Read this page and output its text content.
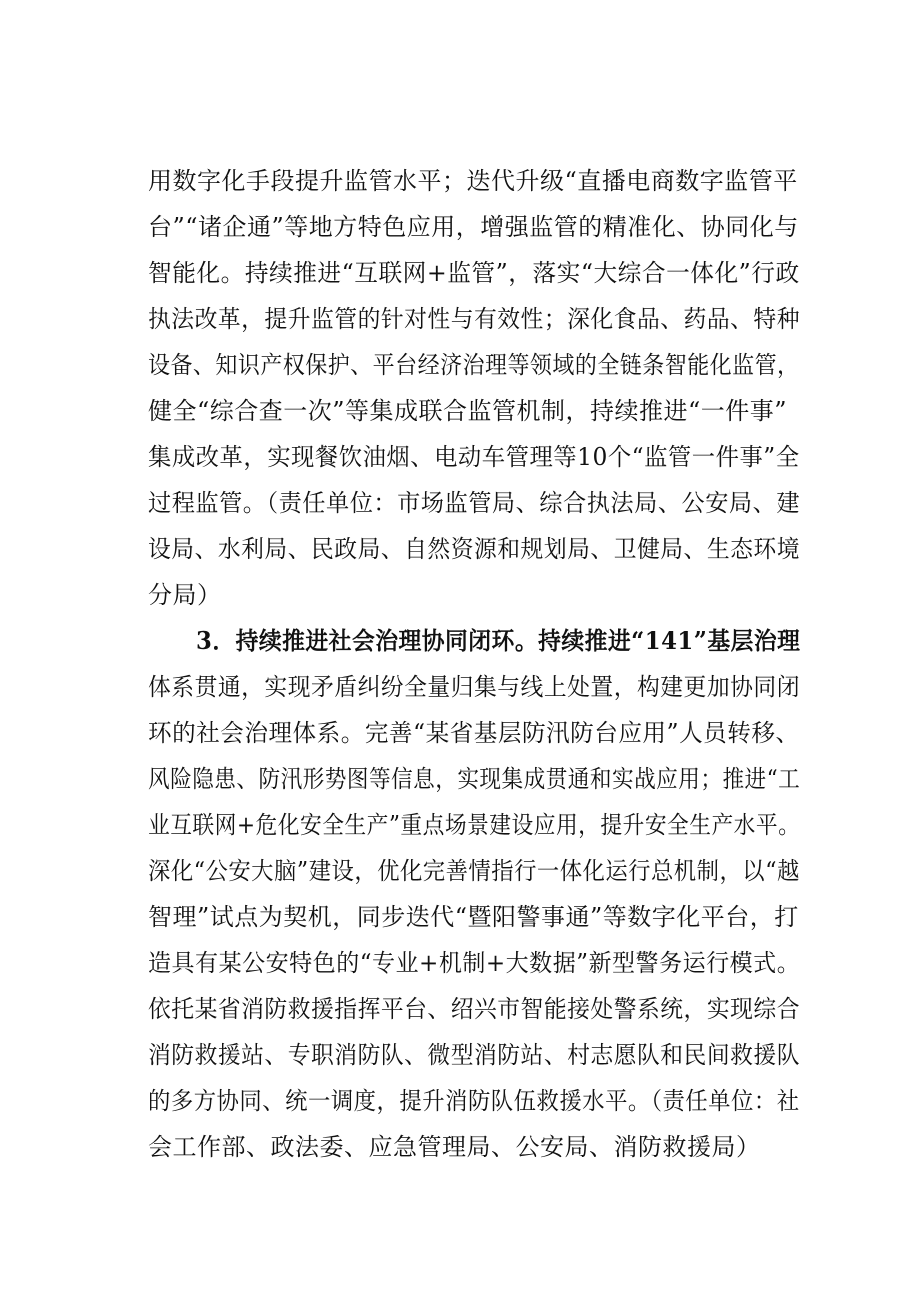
用数字化手段提升监管水平；迭代升级“直播电商数字监管平
台”“诸企通”等地方特色应用，增强监管的精准化、协同化与
智能化。持续推进“互联网+监管”，落实“大综合一体化”行政
执法改革，提升监管的针对性与有效性；深化食品、药品、特种
设备、知识产权保护、平台经济治理等领域的全链条智能化监管，
健全“综合查一次”等集成联合监管机制，持续推进“一件事”
集成改革，实现餐饮油烟、电动车管理等10个“监管一件事”全
过程监管。（责任单位：市场监管局、综合执法局、公安局、建
设局、水利局、民政局、自然资源和规划局、卫健局、生态环境
分局）
3．持续推进社会治理协同闭环。持续推进“141”基层治理
体系贯通，实现矛盾纠纷全量归集与线上处置，构建更加协同闭
环的社会治理体系。完善“某省基层防汛防台应用”人员转移、
风险隐患、防汛形势图等信息，实现集成贯通和实战应用；推进“工
业互联网+危化安全生产”重点场景建设应用，提升安全生产水平。
深化“公安大脑”建设，优化完善情指行一体化运行总机制，以“越
智理”试点为契机，同步迭代“暨阳警事通”等数字化平台，打
造具有某公安特色的“专业+机制+大数据”新型警务运行模式。
依托某省消防救援指挥平台、绍兴市智能接处警系统，实现综合
消防救援站、专职消防队、微型消防站、村志愿队和民间救援队
的多方协同、统一调度，提升消防队伍救援水平。（责任单位：社
会工作部、政法委、应急管理局、公安局、消防救援局）
